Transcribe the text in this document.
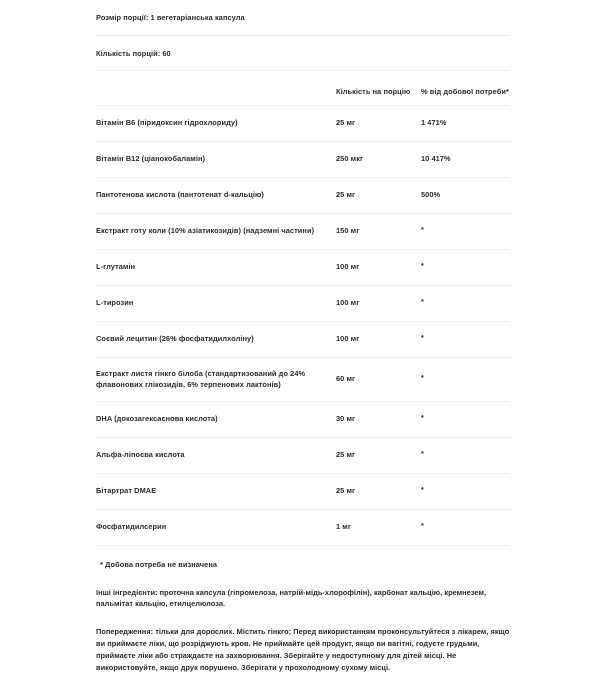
Розмір порції: 1 вегетаріанська капсула
Кількість порцій: 60
	Кількість на порцію	% від добової потреби*
Вітамін B6 (піридоксин гідрохлориду)	25 мг	1 471%
Вітамін B12 (ціанокобаламін)	250 мкг	10 417%
Пантотенова кислота (пантотенат d-кальцію)	25 мг	500%
Екстракт готу коли (10% азіатикозидів) (надземні частини)	150 мг	*
L-глутамін	100 мг	*
L-тирозин	100 мг	*
Соєвий лецитин (26% фосфатидилхоліну)	100 мг	*
Екстракт листя гінкго білоба (стандартизований до 24% флавонових глікозидів, 6% терпенових лактонів)	60 мг	*
DHA (докозагексаєнова кислота)	30 мг	*
Альфа-ліпоєва кислота	25 мг	*
Бітартрат DMAE	25 мг	*
Фосфатидилсерин	1 мг	*
* Добова потреба не визначена
Інші інгредієнти: проточна капсула (гіпромелоза, натрій-мідь-хлорофілін), карбонат кальцію, кремнезем, пальмітат кальцію, етилцелюлоза.
Попередження: тільки для дорослих. Містить гінкго; Перед використанням проконсультуйтеся з лікарем, якщо ви приймаєте ліки, що розріджують кров. Не приймайте цей продукт, якщо ви вагітні, годуєте грудьми, приймаєте ліки або страждаєте на захворювання. Зберігайте у недоступному для дітей місці. Не використовуйте, якщо друк порушено. Зберігати у прохолодному сухому місці.
